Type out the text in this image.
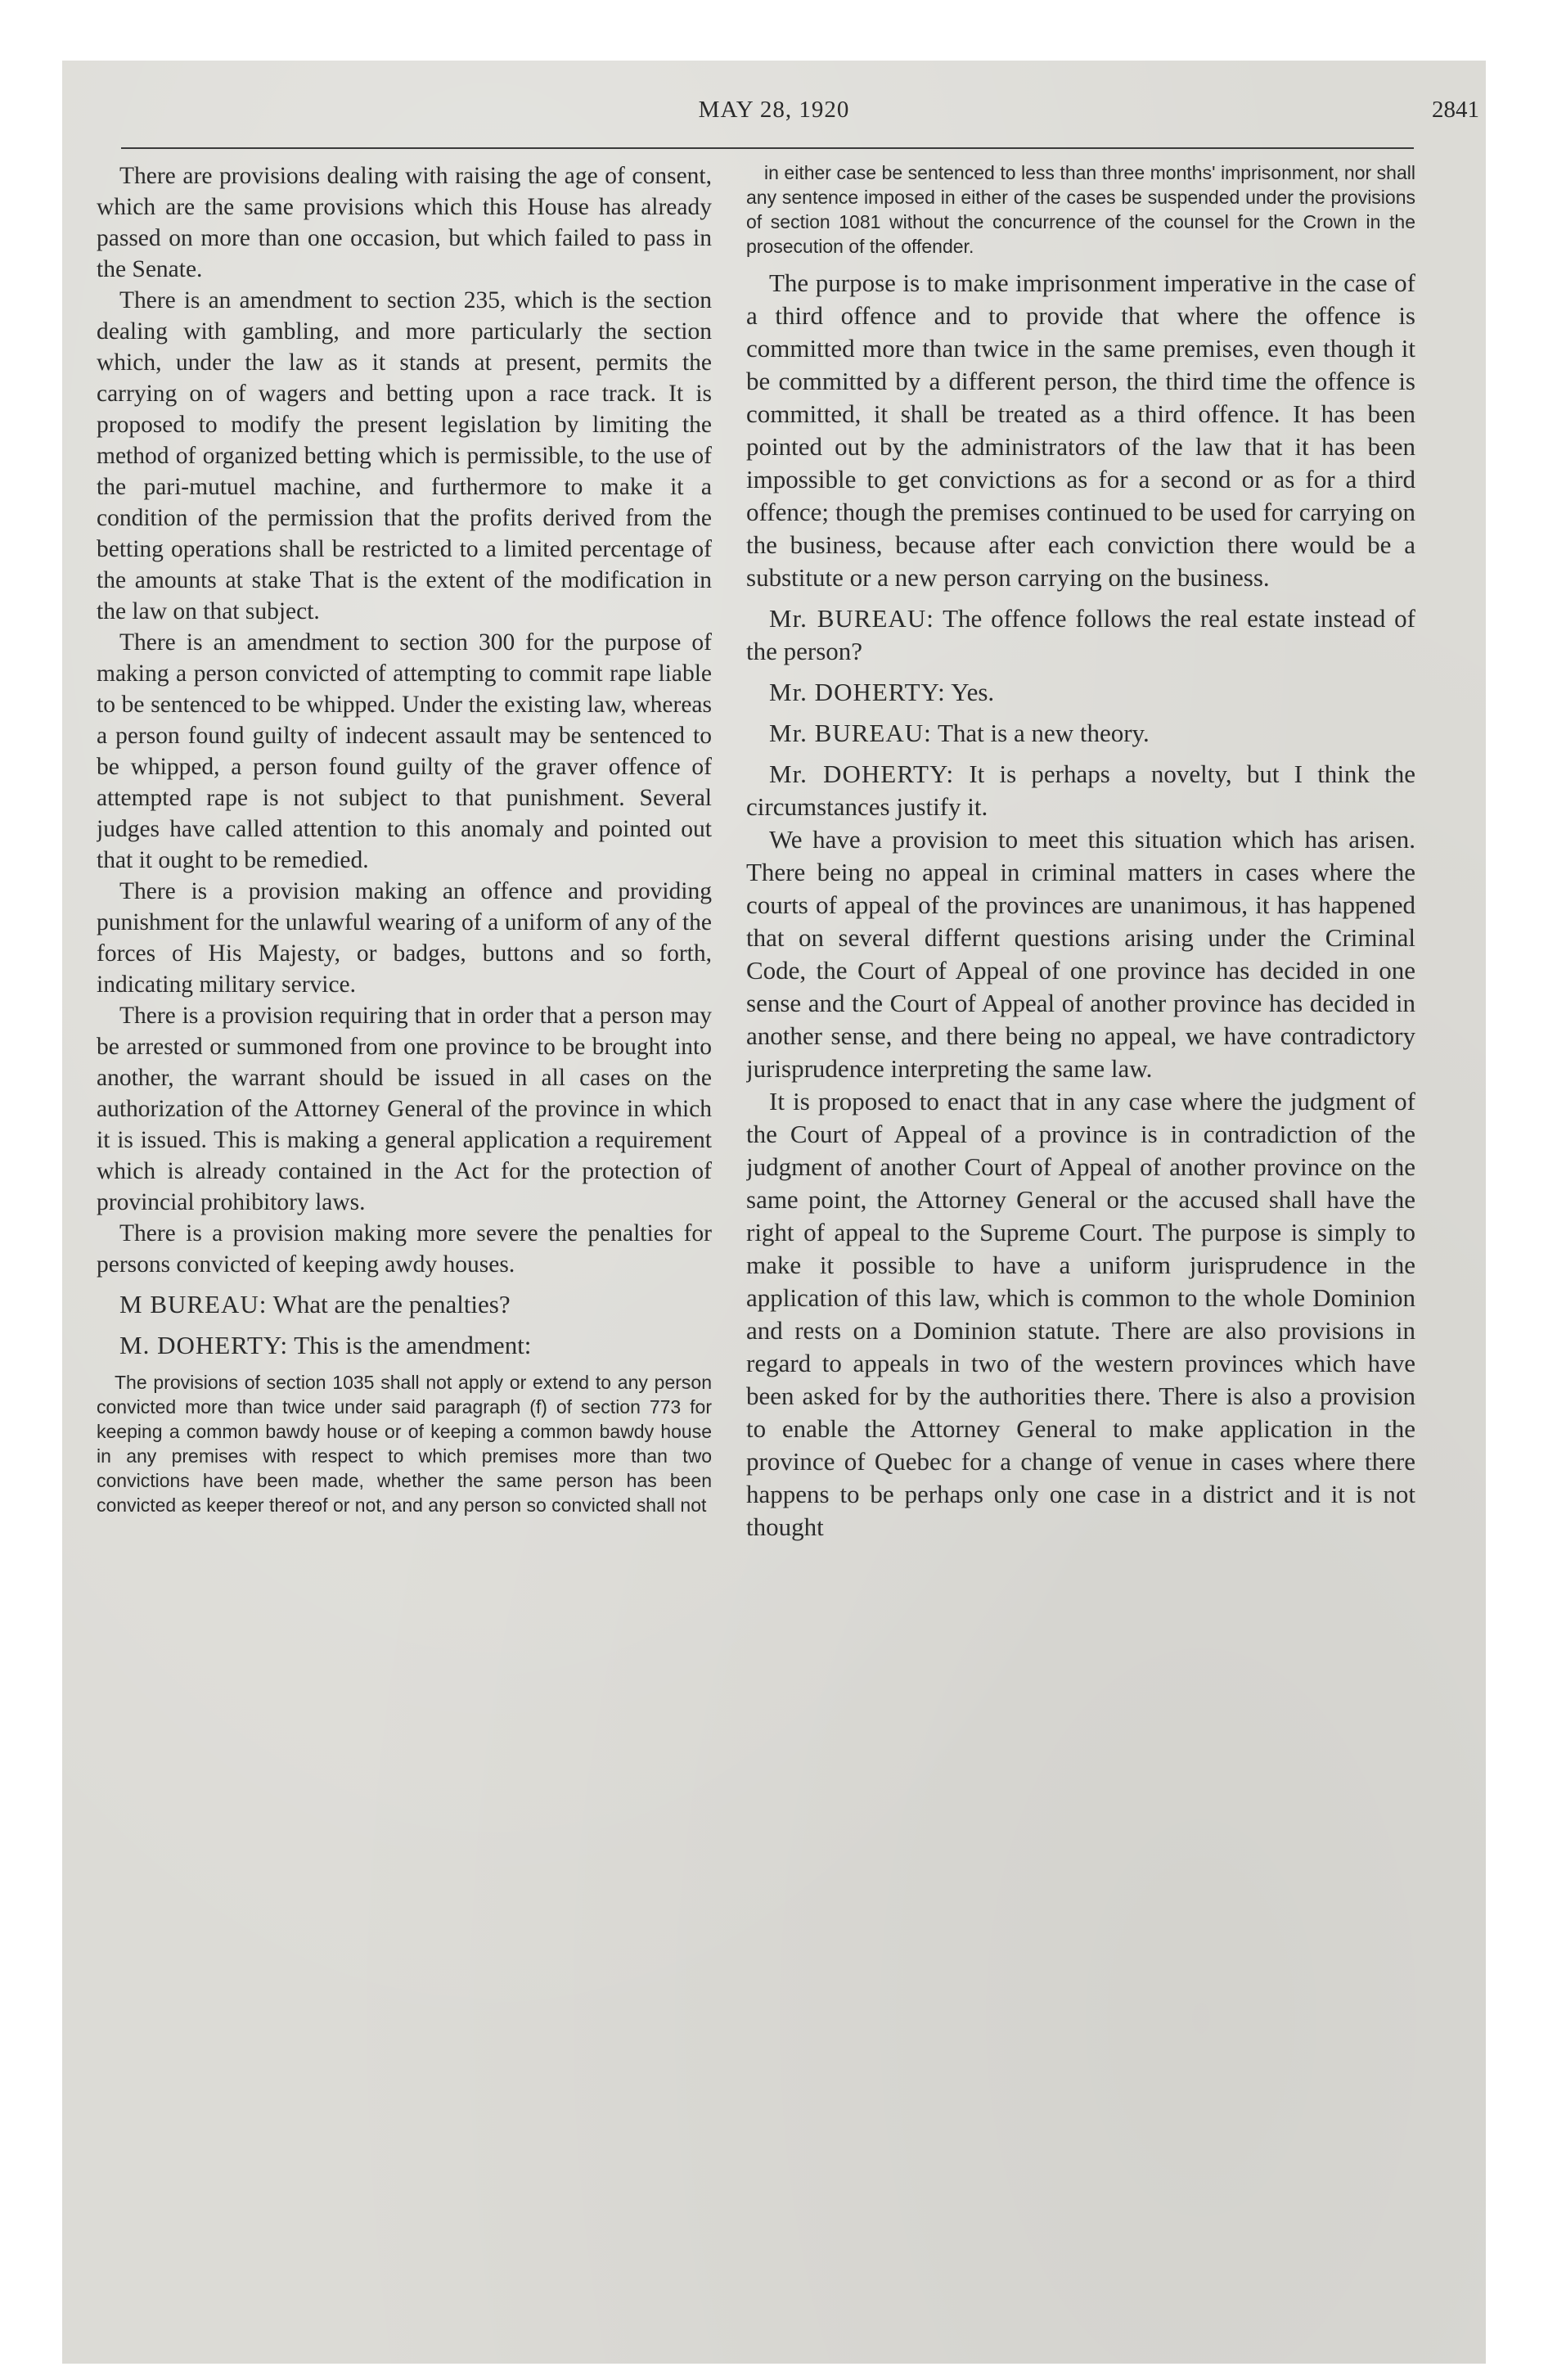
MAY 28, 1920	2841

There are provisions dealing with raising the age of consent, which are the same provisions which this House has already passed on more than one occasion, but which failed to pass in the Senate.

There is an amendment to section 235, which is the section dealing with gambling, and more particularly the section which, under the law as it stands at present, permits the carrying on of wagers and betting upon a race track. It is proposed to modify the present legislation by limiting the method of organized betting which is permissible, to the use of the pari-mutuel machine, and furthermore to make it a condition of the permission that the profits derived from the betting operations shall be restricted to a limited percentage of the amounts at stake That is the extent of the modification in the law on that subject.

There is an amendment to section 300 for the purpose of making a person convicted of attempting to commit rape liable to be sentenced to be whipped. Under the existing law, whereas a person found guilty of indecent assault may be sentenced to be whipped, a person found guilty of the graver offence of attempted rape is not subject to that punishment. Several judges have called attention to this anomaly and pointed out that it ought to be remedied.

There is a provision making an offence and providing punishment for the unlawful wearing of a uniform of any of the forces of His Majesty, or badges, buttons and so forth, indicating military service.

There is a provision requiring that in order that a person may be arrested or summoned from one province to be brought into another, the warrant should be issued in all cases on the authorization of the Attorney General of the province in which it is issued. This is making a general application a requirement which is already contained in the Act for the protection of provincial prohibitory laws.

There is a provision making more severe the penalties for persons convicted of keeping awdy houses.

M BUREAU: What are the penalties?

M. DOHERTY: This is the amendment:

The provisions of section 1035 shall not apply or extend to any person convicted more than twice under said paragraph (f) of section 773 for keeping a common bawdy house or of keeping a common bawdy house in any premises with respect to which premises more than two convictions have been made, whether the same person has been convicted as keeper thereof or not, and any person so convicted shall not

in either case be sentenced to less than three months' imprisonment, nor shall any sentence imposed in either of the cases be suspended under the provisions of section 1081 without the concurrence of the counsel for the Crown in the prosecution of the offender.

The purpose is to make imprisonment imperative in the case of a third offence and to provide that where the offence is committed more than twice in the same premises, even though it be committed by a different person, the third time the offence is committed, it shall be treated as a third offence. It has been pointed out by the administrators of the law that it has been impossible to get convictions as for a second or as for a third offence; though the premises continued to be used for carrying on the business, because after each conviction there would be a substitute or a new person carrying on the business.

Mr. BUREAU: The offence follows the real estate instead of the person?

Mr. DOHERTY: Yes.

Mr. BUREAU: That is a new theory.

Mr. DOHERTY: It is perhaps a novelty, but I think the circumstances justify it.

We have a provision to meet this situation which has arisen. There being no appeal in criminal matters in cases where the courts of appeal of the provinces are unanimous, it has happened that on several differnt questions arising under the Criminal Code, the Court of Appeal of one province has decided in one sense and the Court of Appeal of another province has decided in another sense, and there being no appeal, we have contradictory jurisprudence interpreting the same law.

It is proposed to enact that in any case where the judgment of the Court of Appeal of a province is in contradiction of the judgment of another Court of Appeal of another province on the same point, the Attorney General or the accused shall have the right of appeal to the Supreme Court. The purpose is simply to make it possible to have a uniform jurisprudence in the application of this law, which is common to the whole Dominion and rests on a Dominion statute. There are also provisions in regard to appeals in two of the western provinces which have been asked for by the authorities there. There is also a provision to enable the Attorney General to make application in the province of Quebec for a change of venue in cases where there happens to be perhaps only one case in a district and it is not thought
